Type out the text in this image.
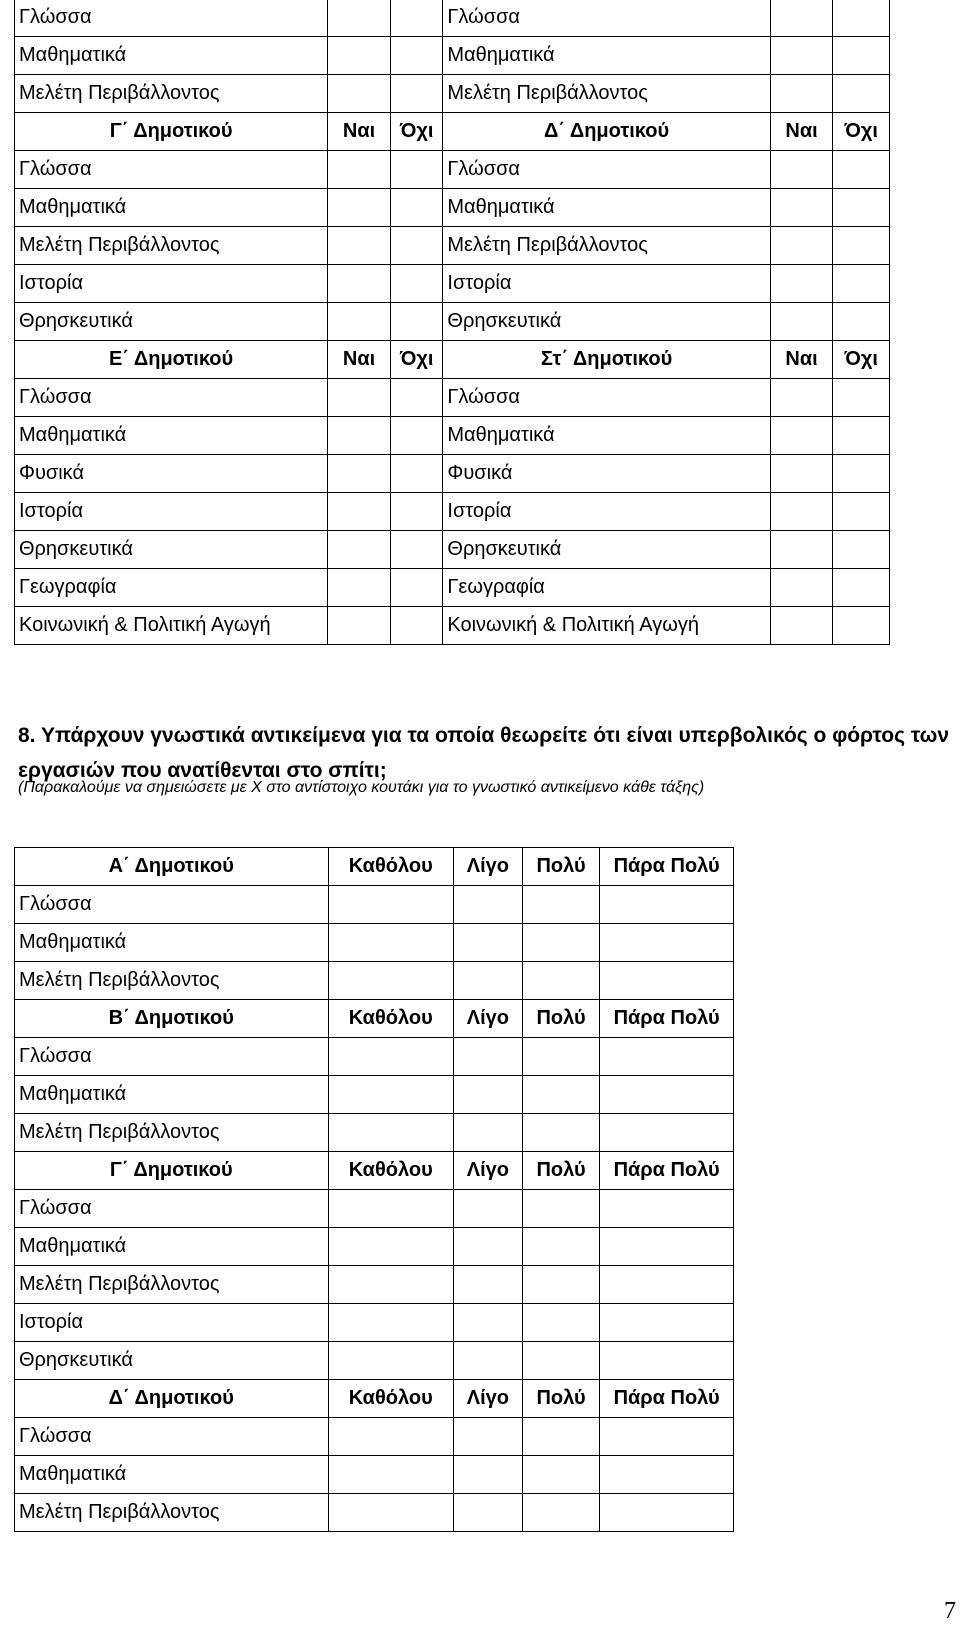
Γλώσσα			Γλώσσα		
Μαθηματικά			Μαθηματικά		
Μελέτη Περιβάλλοντος			Μελέτη Περιβάλλοντος		
Γ΄ Δημοτικού	Ναι	Όχι	Δ΄ Δημοτικού	Ναι	Όχι
Γλώσσα			Γλώσσα		
Μαθηματικά			Μαθηματικά		
Μελέτη Περιβάλλοντος			Μελέτη Περιβάλλοντος		
Ιστορία			Ιστορία		
Θρησκευτικά			Θρησκευτικά		
Ε΄ Δημοτικού	Ναι	Όχι	Στ΄ Δημοτικού	Ναι	Όχι
Γλώσσα			Γλώσσα		
Μαθηματικά			Μαθηματικά		
Φυσικά			Φυσικά		
Ιστορία			Ιστορία		
Θρησκευτικά			Θρησκευτικά		
Γεωγραφία			Γεωγραφία		
Κοινωνική & Πολιτική Αγωγή			Κοινωνική & Πολιτική Αγωγή		
8. Υπάρχουν γνωστικά αντικείμενα για τα οποία θεωρείτε ότι είναι υπερβολικός ο φόρτος των εργασιών που ανατίθενται στο σπίτι;
(Παρακαλούμε να σημειώσετε με Χ στο αντίστοιχο κουτάκι για το γνωστικό αντικείμενο κάθε τάξης)
Α΄ Δημοτικού	Καθόλου	Λίγο	Πολύ	Πάρα Πολύ
Γλώσσα				
Μαθηματικά				
Μελέτη Περιβάλλοντος				
Β΄ Δημοτικού	Καθόλου	Λίγο	Πολύ	Πάρα Πολύ
Γλώσσα				
Μαθηματικά				
Μελέτη Περιβάλλοντος				
Γ΄ Δημοτικού	Καθόλου	Λίγο	Πολύ	Πάρα Πολύ
Γλώσσα				
Μαθηματικά				
Μελέτη Περιβάλλοντος				
Ιστορία				
Θρησκευτικά				
Δ΄ Δημοτικού	Καθόλου	Λίγο	Πολύ	Πάρα Πολύ
Γλώσσα				
Μαθηματικά				
Μελέτη Περιβάλλοντος				
7
